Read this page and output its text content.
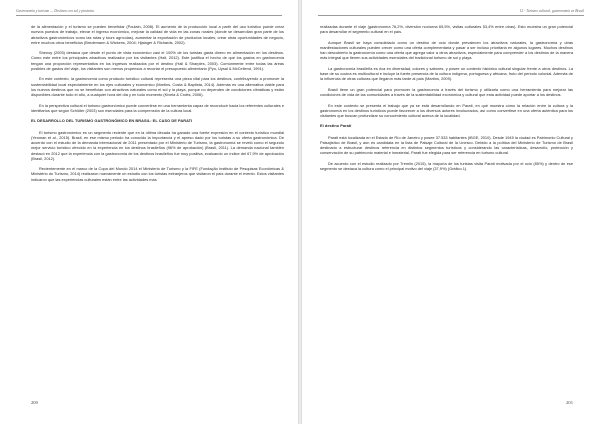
Gastronomía y turismo — Destinos con sal y pimienta

de la alimentación y el turismo se pueden beneficiar (Poulain, 2008). El aumento de la producción local a partir del uso turístico puede crear nuevos puestos de trabajo, elevar el ingreso económico, mejorar la calidad de vida en las zonas rurales (donde se desarrollan gran parte de los atractivos gastronómicos como las rutas y tours agrícolas), aumentar la exportación de productos locales, crear otras oportunidades de negocio, entre muchos otros beneficios (Bredemann & Wickens, 2004; Hjalager & Richards, 2002).

Shenoy (2005) destaca que desde el punto de vista económico casi el 100% de los turistas gasta dinero en alimentación en los destinos. Como este entre los principales atractivos realizador por los visitantes (Hall, 2012). Este justifica el hecho de que los gastos en gastronomía tengan una proporción representativa en los ingresos realizados por el destino (Hall & Sharples, 2003). Comúnmente entre todas las áreas posibles de gastos del viaje, los visitantes son menos propensos a recortar el presupuesto alimentario (Pyo, Uysal & McCellend, 1991).

En este contexto, la gastronomía como producto turístico cultural representa una pieza vital para los destinos, contribuyendo a promover la sustentabilidad local especialmente en los ejes culturales y económico (Martins, Costa & Baptista, 2014). Además es una alternativa viable para los nuevos destinos que no se benefician con atractivos naturales como el sol y la playa, porque no dependen de condiciones climáticas y están disponibles durante todo el año, a cualquier hora del día y en todo momento (Kivela & Crotts, 2006).

En la perspectiva cultural el turismo gastronómico puede convertirse en una herramienta capaz de reconducir hacia los referentes culturales e identitarios que según Schlüter (2003) son esenciales para la comprensión de la cultura local.

EL DESARROLLO DEL TURISMO GASTRONÓMICO EN BRASIL: EL CASO DE PARATI

El turismo gastronómico es un segmento reciente que en la última década ha ganado una fuerte expresión en el contexto turístico mundial (Yeoman et al., 2015). Brasil, en ese mismo periodo ha conocido la importancia y el apreso dado por los turistas a su oferta gastronómica. De acuerdo con el estudio de la demanda internacional de 2011 presentado por el Ministerio de Turismo, la gastronomía se reveló como el segundo mejor servicio turístico ofrecido en la experiencia en los destinos brasileños (96% de aprobación) (Brasil, 2011). La demanda nacional también destacó en 2012 que la experiencia con la gastronomía de los destinos brasileños fue muy positiva, evaluando un índice del 67,9% de aprobación (Brasil, 2012).

Recientemente en el marco de la Copa del Mundo 2014 el Ministerio de Turismo y la FIFE (Fundação Instituto de Pesquisas Econômicas & Ministério do Turismo, 2014) realizaron nuevamente un estudio con los turistas extranjeros que visitaron el país durante el evento. Estos visitantes indicaron que las experiencias culturales están entre las actividades más

200
12 - Turismo cultural, gastronomía en Brasil

realizadas durante el viaje (gastronomía 76,2%, diversión nocturna 65,5%, visitas culturales 53,4% entre otras). Esto muestra un gran potencial para desarrollar el segmento cultural en el país.

Aunque Brasil se haya consolidado como un destino de ocio donde prevalecen los atractivos naturales, la gastronomía y otras manifestaciones culturales pueden crecer como una oferta complementaria y pasar a ser incluso prioritaria en algunos lugares. Muchos destinos han descubierto la gastronomía como una oferta que agrega valor a otros atractivos, especialmente para comprender a los destinos de la manera más integral que tienen sus actividades esenciales del tradicional turismo de sol y playa.

La gastronomía brasileña es rica en diversidad, colores y sabores, y posee un contexto histórico cultural singular frente a otros destinos. La base de su cocina es multicultural e incluye la fuerte presencia de la cultura indígena, portuguesa y africana, fruto del periodo colonial. Además de la influencia de otras culturas que llegaron más tarde al país (Martins, 2009).

Brasil tiene un gran potencial para promover la gastronomía a través del turismo y utilizarla como una herramienta para mejorar las condiciones de vida de las comunidades a través de la sustentabilidad económica y cultural que esta actividad puede aportar a los destinos.

En este contexto se presenta el trabajo que ya se está desarrollando en Parati, en qué muestra cómo la relación entre la cultura y la gastronomía en los destinos turísticos puede favorecer a los diversos actores involucrados, así como convertirse en una oferta auténtica para los visitantes que buscan profundizar su conocimiento cultural acerca de la localidad.

El destino Parati

Parati está localizada en el Estado de Río de Janeiro y posee 37.533 habitantes (IBGE, 2010). Desde 1945 la ciudad es Patrimonio Cultural y Paisajístico de Brasil, y aún es candidata en la lista de Paisaje Cultural de la Unesco. Debido a la política del Ministerio de Turismo de Brasil destinado a estructurar destinos referencia en distintos segmentos turísticos y considerando las características, desarrollo, protección y conservación de su patrimonio material e inmaterial, Parati fue elegida para ser referencia en turismo cultural.

De acuerdo con el estudio realizado por Tremlin (2015), la mayoría de los turistas visita Parati motivada por el ocio (85%) y dentro de ese segmento se destaca la cultura como el principal motivo del viaje (37,9%) (Gráfico 1).

201
